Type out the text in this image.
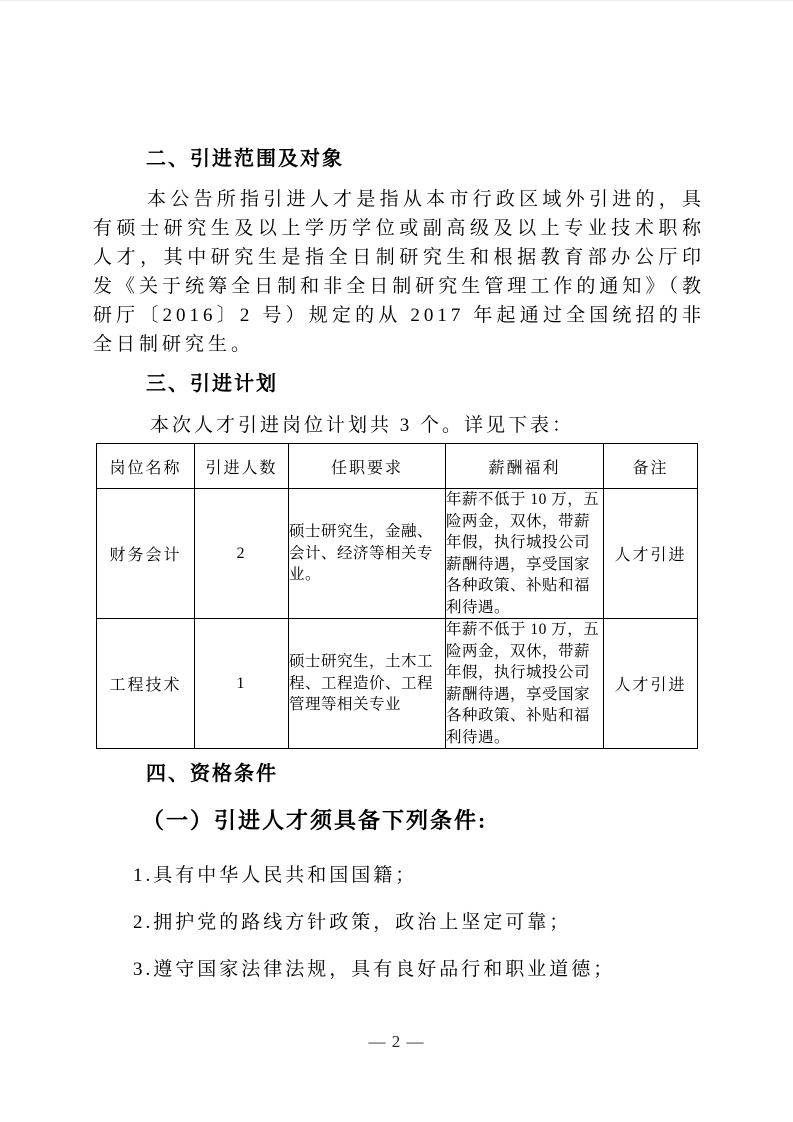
二、引进范围及对象

本公告所指引进人才是指从本市行政区域外引进的，具有硕士研究生及以上学历学位或副高级及以上专业技术职称人才，其中研究生是指全日制研究生和根据教育部办公厅印发《关于统筹全日制和非全日制研究生管理工作的通知》（教研厅〔2016〕2 号）规定的从 2017 年起通过全国统招的非全日制研究生。

三、引进计划

本次人才引进岗位计划共 3 个。详见下表：

岗位名称	引进人数	任职要求	薪酬福利	备注
财务会计	2	硕士研究生，金融、会计、经济等相关专业。	年薪不低于 10 万，五险两金，双休，带薪年假，执行城投公司薪酬待遇，享受国家各种政策、补贴和福利待遇。	人才引进
工程技术	1	硕士研究生，土木工程、工程造价、工程管理等相关专业	年薪不低于 10 万，五险两金，双休，带薪年假，执行城投公司薪酬待遇，享受国家各种政策、补贴和福利待遇。	人才引进
四、资格条件
（一）引进人才须具备下列条件:

1.具有中华人民共和国国籍；

2.拥护党的路线方针政策，政治上坚定可靠；

3.遵守国家法律法规，具有良好品行和职业道德；

— 2 —
